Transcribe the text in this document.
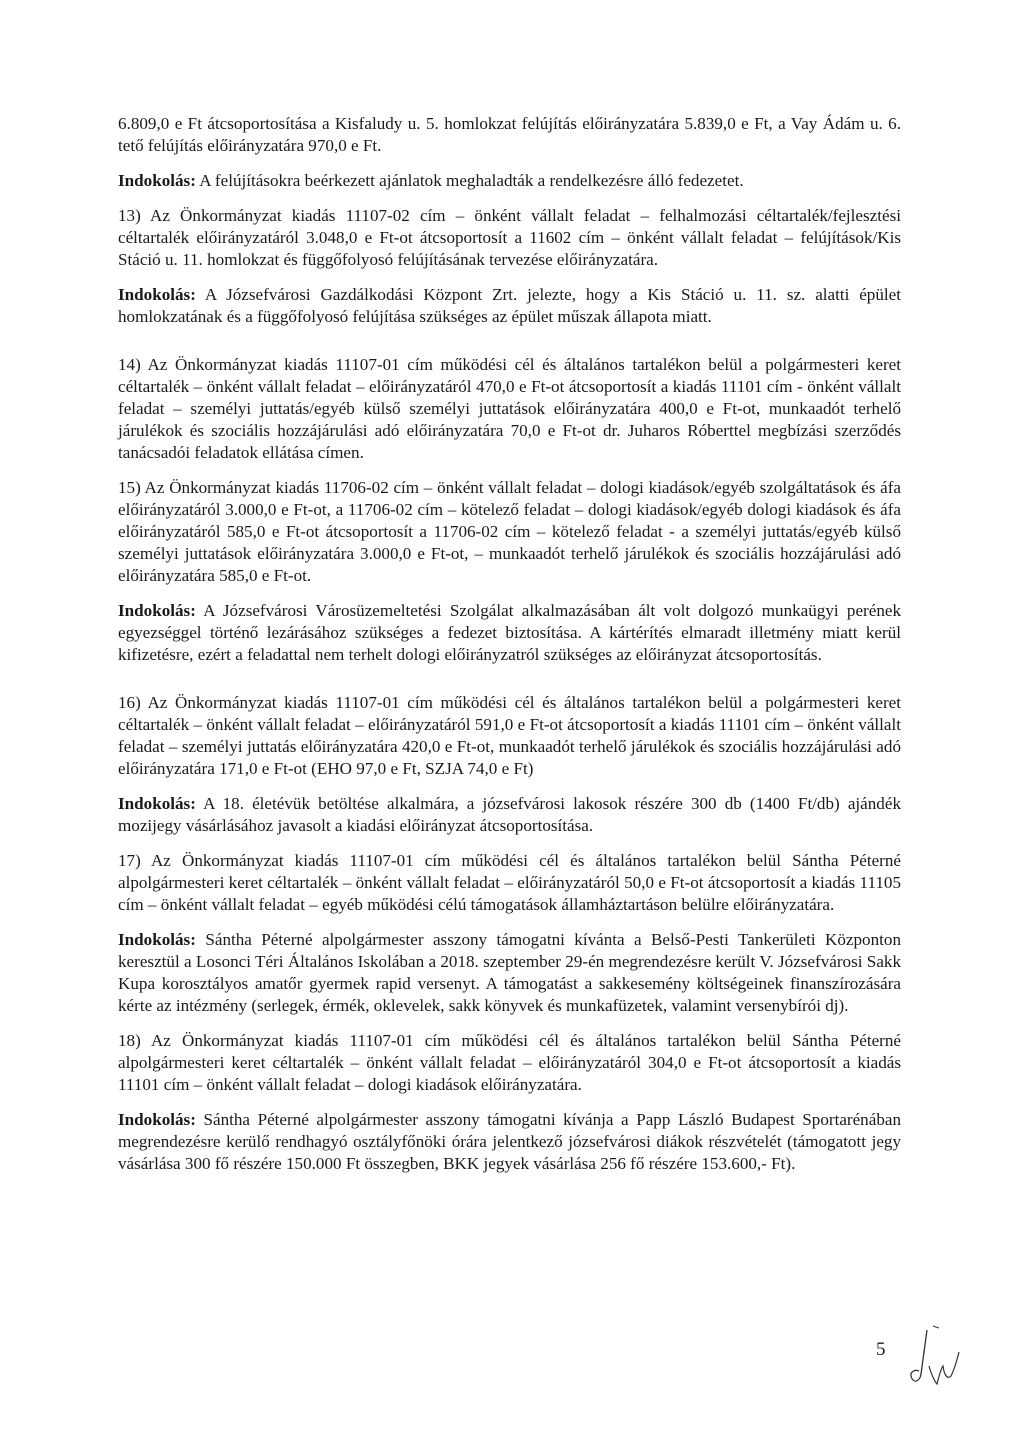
6.809,0 e Ft átcsoportosítása a Kisfaludy u. 5. homlokzat felújítás előirányzatára 5.839,0 e Ft, a Vay Ádám u. 6. tető felújítás előirányzatára 970,0 e Ft.

Indokolás: A felújításokra beérkezett ajánlatok meghaladták a rendelkezésre álló fedezetet.

13) Az Önkormányzat kiadás 11107-02 cím – önként vállalt feladat – felhalmozási céltartalék/fejlesztési céltartalék előirányzatáról 3.048,0 e Ft-ot átcsoportosít a 11602 cím – önként vállalt feladat – felújítások/Kis Stáció u. 11. homlokzat és függőfolyosó felújításának tervezése előirányzatára.

Indokolás: A Józsefvárosi Gazdálkodási Központ Zrt. jelezte, hogy a Kis Stáció u. 11. sz. alatti épület homlokzatának és a függőfolyosó felújítása szükséges az épület műszak állapota miatt.

14) Az Önkormányzat kiadás 11107-01 cím működési cél és általános tartalékon belül a polgármesteri keret céltartalék – önként vállalt feladat – előirányzatáról 470,0 e Ft-ot átcsoportosít a kiadás 11101 cím - önként vállalt feladat – személyi juttatás/egyéb külső személyi juttatások előirányzatára 400,0 e Ft-ot, munkaadót terhelő járulékok és szociális hozzájárulási adó előirányzatára 70,0 e Ft-ot dr. Juharos Róberttel megbízási szerződés tanácsadói feladatok ellátása címen.

15) Az Önkormányzat kiadás 11706-02 cím – önként vállalt feladat – dologi kiadások/egyéb szolgáltatások és áfa előirányzatáról 3.000,0 e Ft-ot, a 11706-02 cím – kötelező feladat – dologi kiadások/egyéb dologi kiadások és áfa előirányzatáról 585,0 e Ft-ot átcsoportosít a 11706-02 cím – kötelező feladat - a személyi juttatás/egyéb külső személyi juttatások előirányzatára 3.000,0 e Ft-ot, – munkaadót terhelő járulékok és szociális hozzájárulási adó előirányzatára 585,0 e Ft-ot.

Indokolás: A Józsefvárosi Városüzemeltetési Szolgálat alkalmazásában ált volt dolgozó munkaügyi perének egyezséggel történő lezárásához szükséges a fedezet biztosítása. A kártérítés elmaradt illetmény miatt kerül kifizetésre, ezért a feladattal nem terhelt dologi előirányzatról szükséges az előirányzat átcsoportosítás.

16) Az Önkormányzat kiadás 11107-01 cím működési cél és általános tartalékon belül a polgármesteri keret céltartalék – önként vállalt feladat – előirányzatáról 591,0 e Ft-ot átcsoportosít a kiadás 11101 cím – önként vállalt feladat – személyi juttatás előirányzatára 420,0 e Ft-ot, munkaadót terhelő járulékok és szociális hozzájárulási adó előirányzatára 171,0 e Ft-ot (EHO 97,0 e Ft, SZJA 74,0 e Ft)

Indokolás: A 18. életévük betöltése alkalmára, a józsefvárosi lakosok részére 300 db (1400 Ft/db) ajándék mozijegy vásárlásához javasolt a kiadási előirányzat átcsoportosítása.

17) Az Önkormányzat kiadás 11107-01 cím működési cél és általános tartalékon belül Sántha Péterné alpolgármesteri keret céltartalék – önként vállalt feladat – előirányzatáról 50,0 e Ft-ot átcsoportosít a kiadás 11105 cím – önként vállalt feladat – egyéb működési célú támogatások államháztartáson belülre előirányzatára.

Indokolás: Sántha Péterné alpolgármester asszony támogatni kívánta a Belső-Pesti Tankerületi Központon keresztül a Losonci Téri Általános Iskolában a 2018. szeptember 29-én megrendezésre került V. Józsefvárosi Sakk Kupa korosztályos amatőr gyermek rapid versenyt. A támogatást a sakkesemény költségeinek finanszírozására kérte az intézmény (serlegek, érmék, oklevelek, sakk könyvek és munkafüzetek, valamint versenybírói dj).

18) Az Önkormányzat kiadás 11107-01 cím működési cél és általános tartalékon belül Sántha Péterné alpolgármesteri keret céltartalék – önként vállalt feladat – előirányzatáról 304,0 e Ft-ot átcsoportosít a kiadás 11101 cím – önként vállalt feladat – dologi kiadások előirányzatára.

Indokolás: Sántha Péterné alpolgármester asszony támogatni kívánja a Papp László Budapest Sportarénában megrendezésre kerülő rendhagyó osztályfőnöki órára jelentkező józsefvárosi diákok részvételét (támogatott jegy vásárlása 300 fő részére 150.000 Ft összegben, BKK jegyek vásárlása 256 fő részére 153.600,- Ft).

5
